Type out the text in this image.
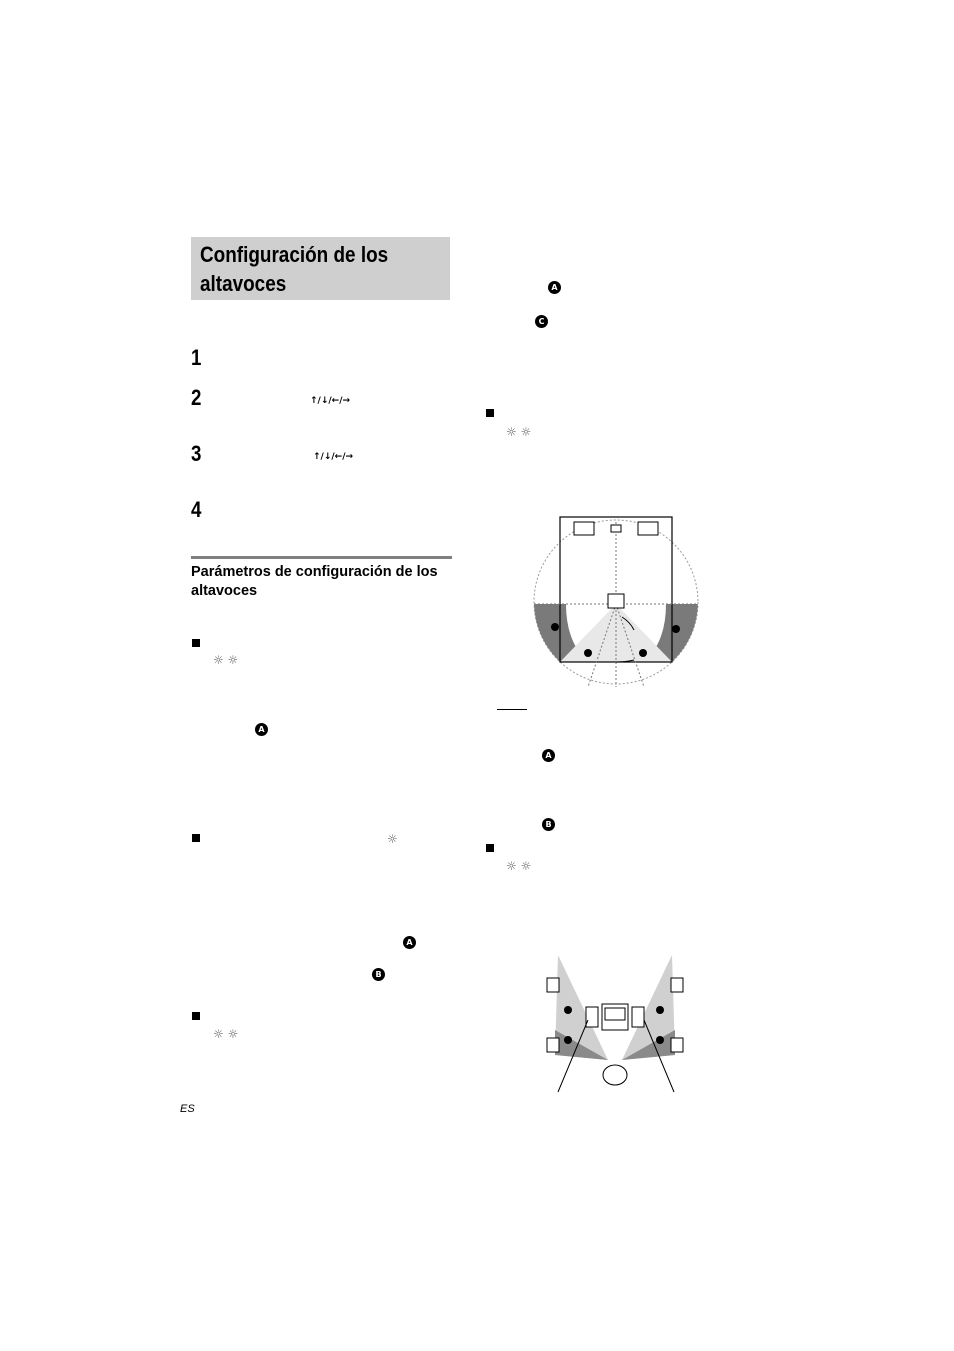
Configuración de los altavoces
1
2	↑/↓/←/→
3	↑/↓/←/→
4
Parámetros de configuración de los altavoces
☼ ☼
A
☼
A
B
☼ ☼
A
C
☼ ☼
A
B
☼ ☼
ES
